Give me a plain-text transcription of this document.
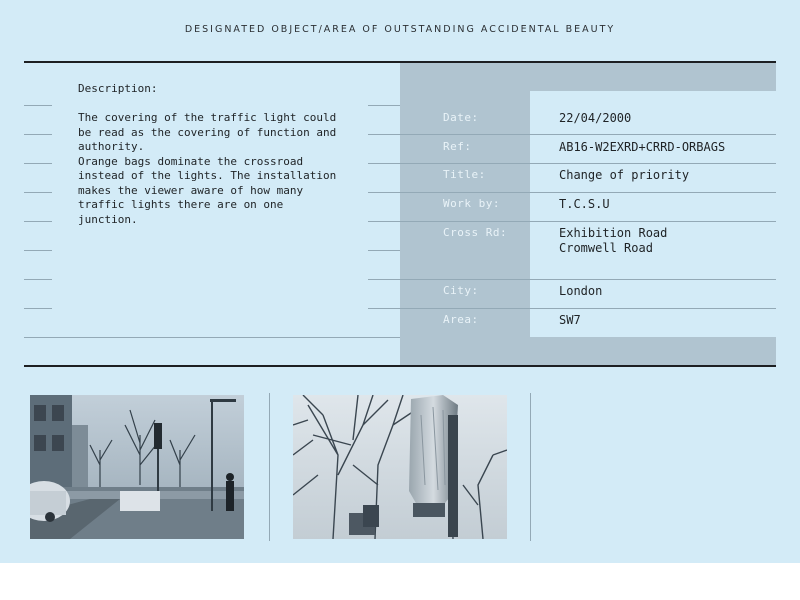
DESIGNATED OBJECT/AREA OF OUTSTANDING ACCIDENTAL BEAUTY
Description:

The covering of the traffic light could be read as the covering of function and authority.

Orange bags dominate the crossroad instead of the lights. The installation makes the viewer aware of how many traffic lights there are on one junction.

Date:	22/04/2000
Ref:	AB16-W2EXRD+CRRD-ORBAGS
Title:	Change of priority
Work by:	T.C.S.U
Cross Rd:	Exhibition Road
Cromwell Road
City:	London
Area:	SW7
